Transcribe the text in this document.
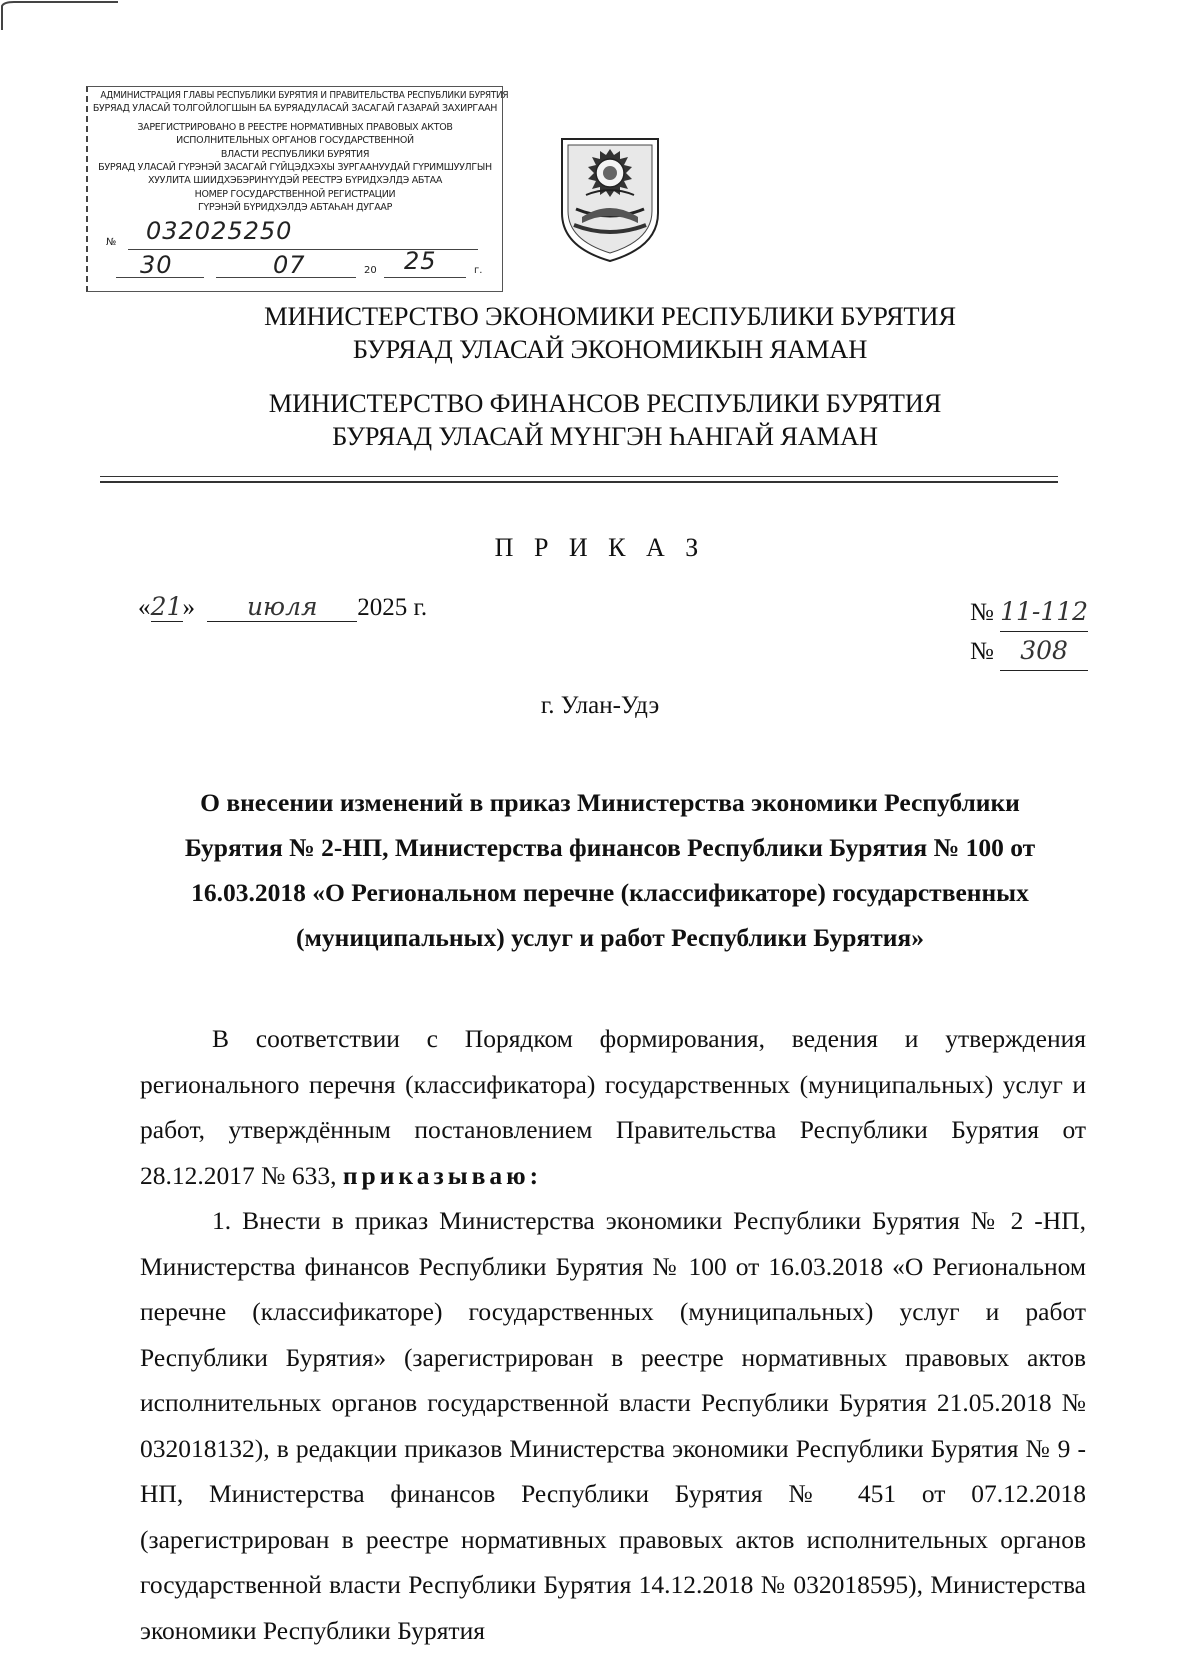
АДМИНИСТРАЦИЯ ГЛАВЫ РЕСПУБЛИКИ БУРЯТИЯ И ПРАВИТЕЛЬСТВА РЕСПУБЛИКИ БУРЯТИЯ
БУРЯАД УЛАСАЙ ТОЛГОЙЛОГШЫН БА БУРЯАДУЛАСАЙ ЗАСАГАЙ ГАЗАРАЙ ЗАХИРГААН
ЗАРЕГИСТРИРОВАНО В РЕЕСТРЕ НОРМАТИВНЫХ ПРАВОВЫХ АКТОВ
ИСПОЛНИТЕЛЬНЫХ ОРГАНОВ ГОСУДАРСТВЕННОЙ
ВЛАСТИ РЕСПУБЛИКИ БУРЯТИЯ
БУРЯАД УЛАСАЙ ГҮРЭНЭЙ ЗАСАГАЙ ГҮЙЦЭДХЭХЫ ЗУРГААНУУДАЙ ГҮРИМШУУЛГЫН
ХУУЛИТА ШИИДХЭБЭРИНҮҮДЭЙ РЕЕСТРЭ БҮРИДХЭЛДЭ АБТАА
НОМЕР ГОСУДАРСТВЕННОЙ РЕГИСТРАЦИИ
ГҮРЭНЭЙ БҮРИДХЭЛДЭ АБТАҺАН ДУГААР
№ 032025250
30	07	20 25	г.
МИНИСТЕРСТВО ЭКОНОМИКИ РЕСПУБЛИКИ БУРЯТИЯ
БУРЯАД УЛАСАЙ ЭКОНОМИКЫН ЯАМАН
МИНИСТЕРСТВО ФИНАНСОВ РЕСПУБЛИКИ БУРЯТИЯ
БУРЯАД УЛАСАЙ МҮНГЭН ҺАНГАЙ ЯАМАН
П Р И К А З
«21» июля 2025 г.	№ 11-112
№ 308
г. Улан-Удэ
О внесении изменений в приказ Министерства экономики Республики Бурятия № 2-НП, Министерства финансов Республики Бурятия № 100 от 16.03.2018 «О Региональном перечне (классификаторе) государственных (муниципальных) услуг и работ Республики Бурятия»

В соответствии с Порядком формирования, ведения и утверждения регионального перечня (классификатора) государственных (муниципальных) услуг и работ, утверждённым постановлением Правительства Республики Бурятия от 28.12.2017 № 633, приказываю:

1. Внести в приказ Министерства экономики Республики Бурятия № 2 -НП, Министерства финансов Республики Бурятия № 100 от 16.03.2018 «О Региональном перечне (классификаторе) государственных (муниципальных) услуг и работ Республики Бурятия» (зарегистрирован в реестре нормативных правовых актов исполнительных органов государственной власти Республики Бурятия 21.05.2018 № 032018132), в редакции приказов Министерства экономики Республики Бурятия № 9 - НП, Министерства финансов Республики Бурятия № 451 от 07.12.2018 (зарегистрирован в реестре нормативных правовых актов исполнительных органов государственной власти Республики Бурятия 14.12.2018 № 032018595), Министерства экономики Республики Бурятия
